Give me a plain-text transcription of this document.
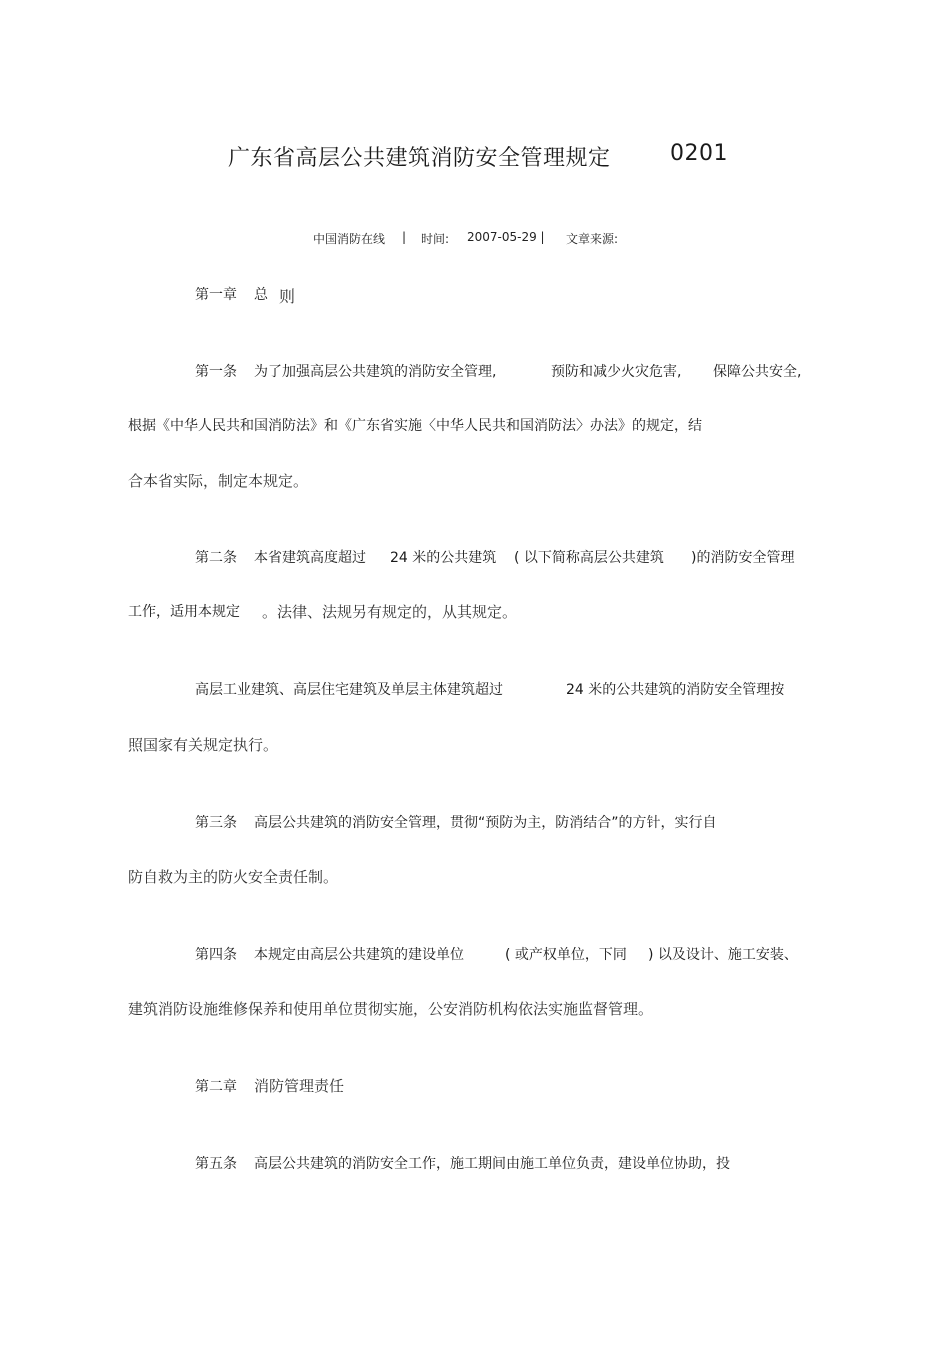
广东省高层公共建筑消防安全管理规定	0201
中国消防在线 | 时间: 2007-05-29 | 文章来源:
第一章 总 则
第一条 为了加强高层公共建筑的消防安全管理,	预防和减少火灾危害, 保障公共安全,
根据《中华人民共和国消防法》和《广东省实施〈中华人民共和国消防法〉办法》的规定，结
合本省实际，制定本规定。
第二条 本省建筑高度超过 24 米的公共建筑 ( 以下简称高层公共建筑 )的消防安全管理
工作，适用本规定 。法律、法规另有规定的，从其规定。
高层工业建筑、高层住宅建筑及单层主体建筑超过	24 米的公共建筑的消防安全管理按
照国家有关规定执行。
第三条 高层公共建筑的消防安全管理，贯彻“预防为主，防消结合”的方针，实行自
防自救为主的防火安全责任制。
第四条 本规定由高层公共建筑的建设单位	( 或产权单位，下同 ) 以及设计、施工安装、
建筑消防设施维修保养和使用单位贯彻实施，公安消防机构依法实施监督管理。
第二章 消防管理责任
第五条 高层公共建筑的消防安全工作，施工期间由施工单位负责，建设单位协助，投
